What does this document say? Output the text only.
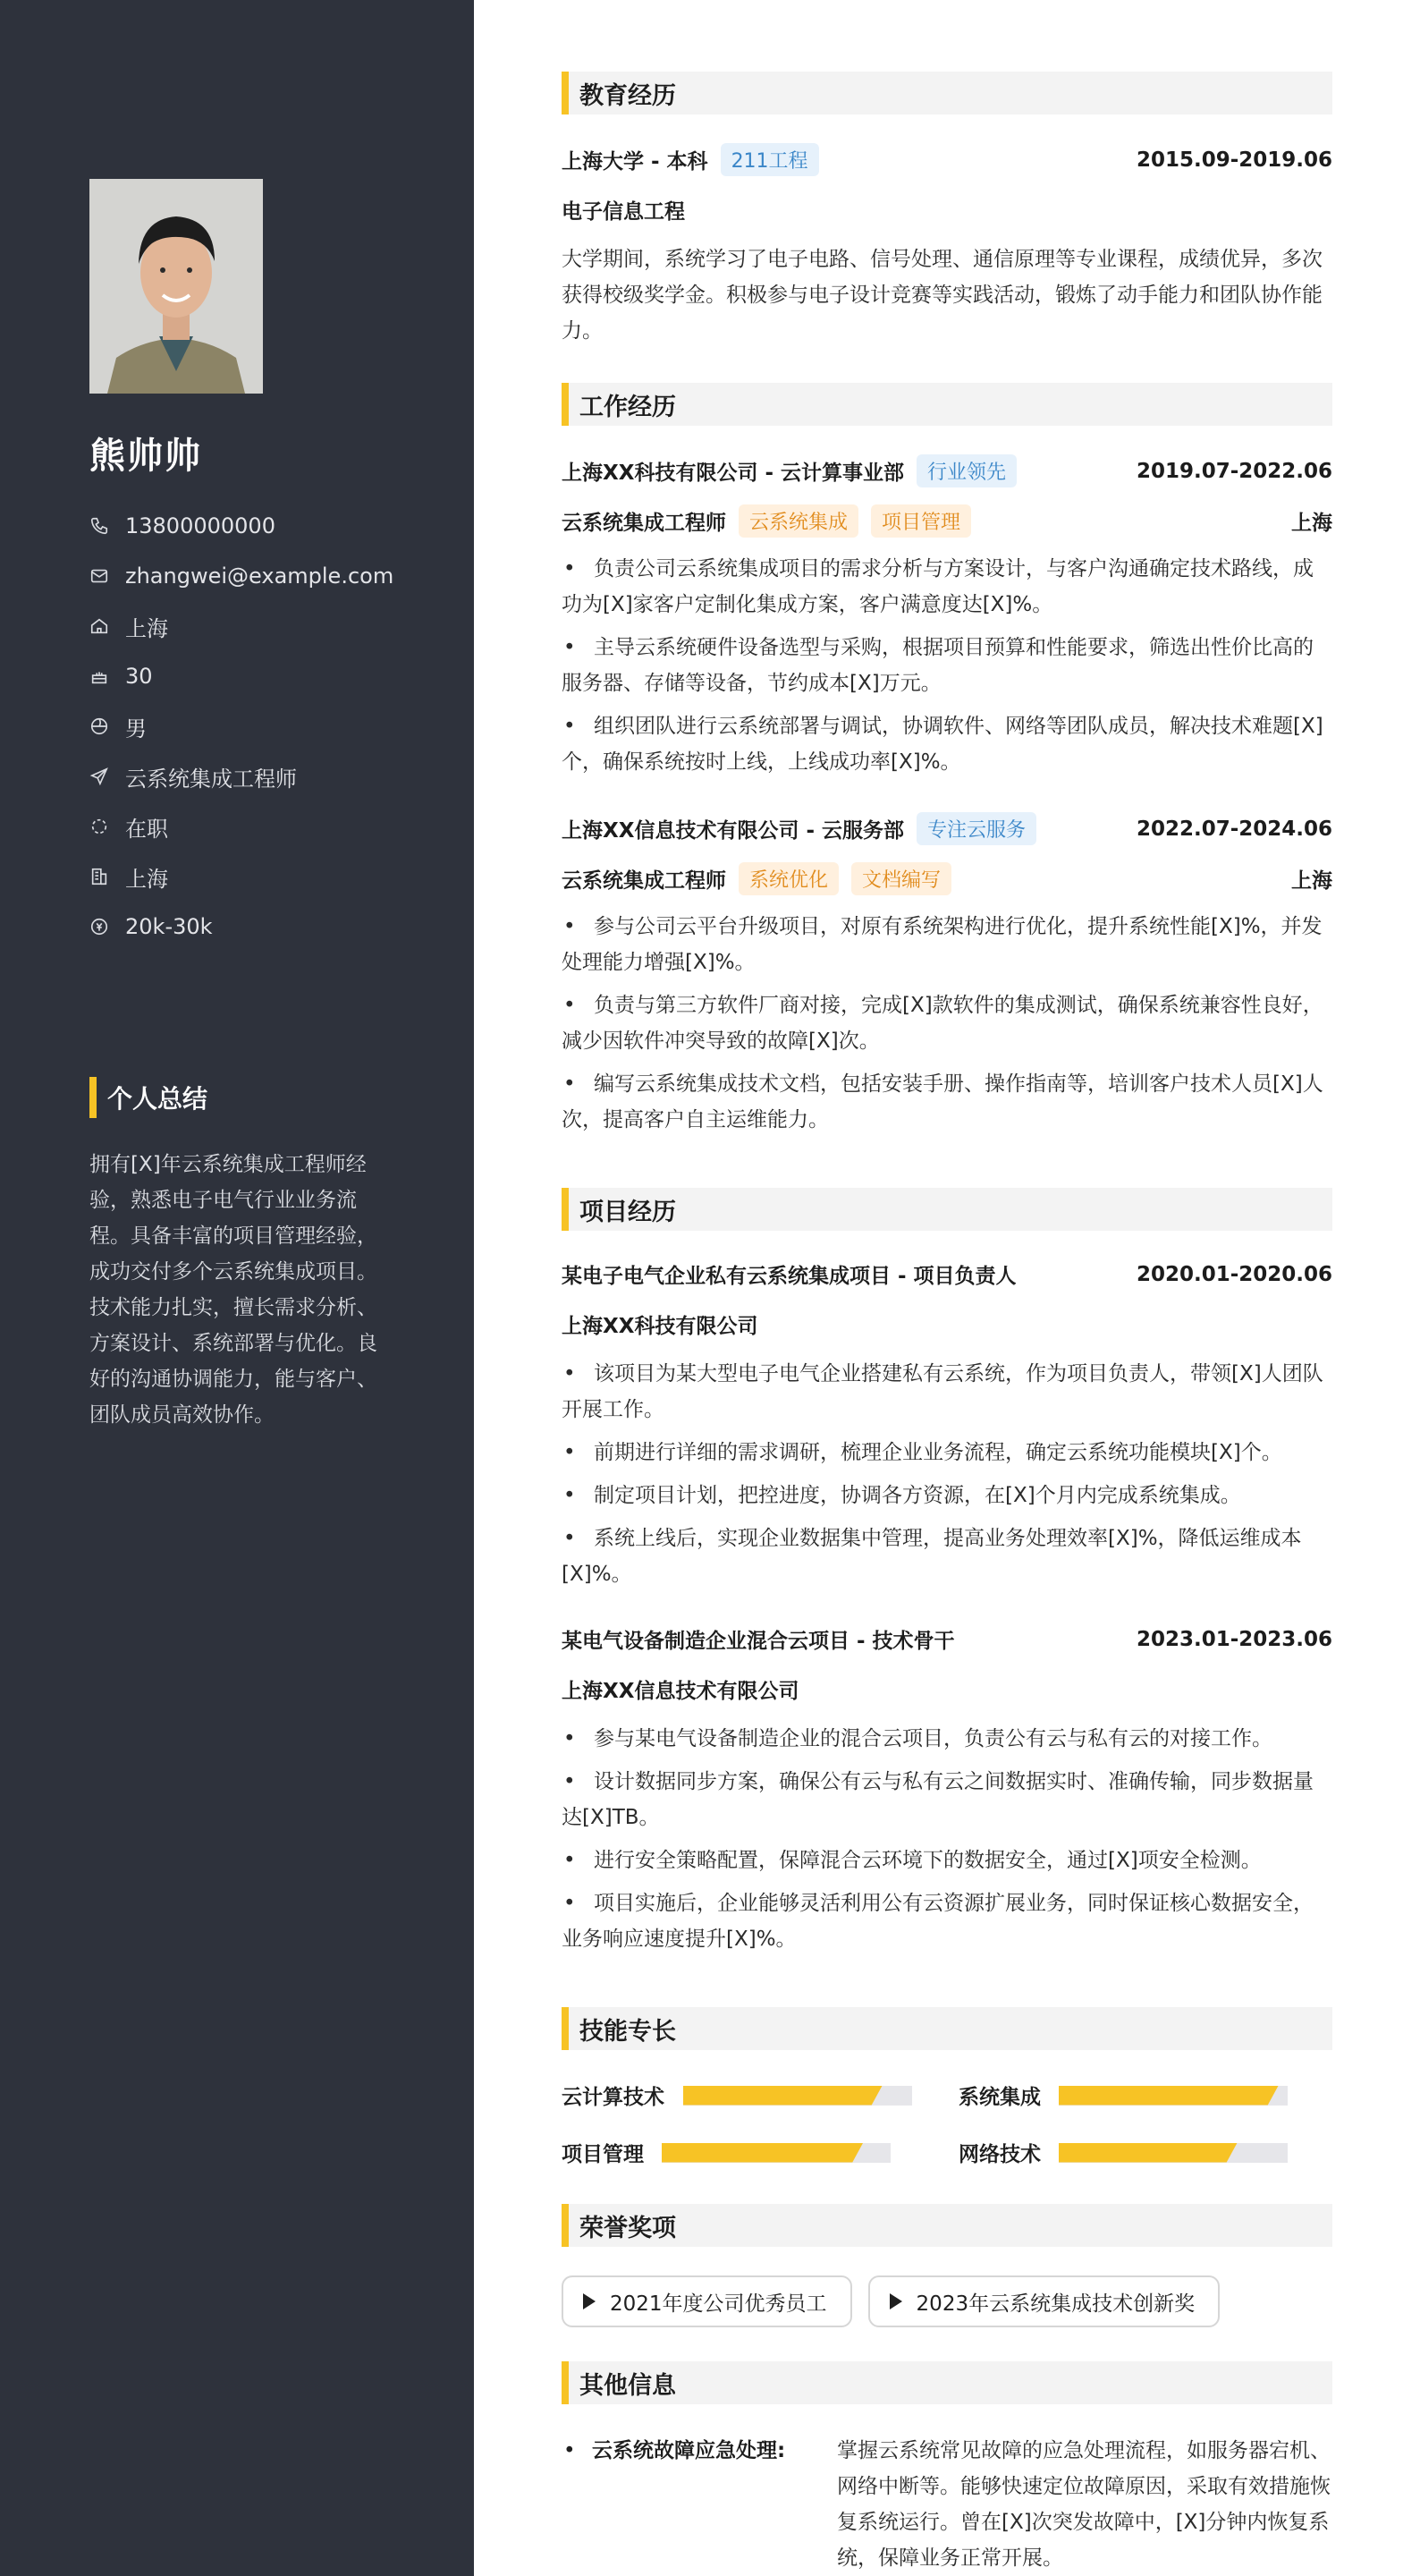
熊帅帅
13800000000
zhangwei@example.com
上海
30
男
云系统集成工程师
在职
上海
20k-30k
个人总结
拥有[X]年云系统集成工程师经验，熟悉电子电气行业业务流程。具备丰富的项目管理经验，成功交付多个云系统集成项目。技术能力扎实，擅长需求分析、方案设计、系统部署与优化。良好的沟通协调能力，能与客户、团队成员高效协作。
教育经历
上海大学 - 本科	211工程	2015.09-2019.06
电子信息工程
大学期间，系统学习了电子电路、信号处理、通信原理等专业课程，成绩优异，多次获得校级奖学金。积极参与电子设计竞赛等实践活动，锻炼了动手能力和团队协作能力。
工作经历
上海XX科技有限公司 - 云计算事业部	行业领先	2019.07-2022.06
云系统集成工程师	云系统集成	项目管理	上海
• 负责公司云系统集成项目的需求分析与方案设计，与客户沟通确定技术路线，成功为[X]家客户定制化集成方案，客户满意度达[X]%。
• 主导云系统硬件设备选型与采购，根据项目预算和性能要求，筛选出性价比高的服务器、存储等设备，节约成本[X]万元。
• 组织团队进行云系统部署与调试，协调软件、网络等团队成员，解决技术难题[X]个，确保系统按时上线，上线成功率[X]%。
上海XX信息技术有限公司 - 云服务部	专注云服务	2022.07-2024.06
云系统集成工程师	系统优化	文档编写	上海
• 参与公司云平台升级项目，对原有系统架构进行优化，提升系统性能[X]%，并发处理能力增强[X]%。
• 负责与第三方软件厂商对接，完成[X]款软件的集成测试，确保系统兼容性良好，减少因软件冲突导致的故障[X]次。
• 编写云系统集成技术文档，包括安装手册、操作指南等，培训客户技术人员[X]人次，提高客户自主运维能力。
项目经历
某电子电气企业私有云系统集成项目 - 项目负责人	2020.01-2020.06
上海XX科技有限公司
• 该项目为某大型电子电气企业搭建私有云系统，作为项目负责人，带领[X]人团队开展工作。
• 前期进行详细的需求调研，梳理企业业务流程，确定云系统功能模块[X]个。
• 制定项目计划，把控进度，协调各方资源，在[X]个月内完成系统集成。
• 系统上线后，实现企业数据集中管理，提高业务处理效率[X]%，降低运维成本[X]%。
某电气设备制造企业混合云项目 - 技术骨干	2023.01-2023.06
上海XX信息技术有限公司
• 参与某电气设备制造企业的混合云项目，负责公有云与私有云的对接工作。
• 设计数据同步方案，确保公有云与私有云之间数据实时、准确传输，同步数据量达[X]TB。
• 进行安全策略配置，保障混合云环境下的数据安全，通过[X]项安全检测。
• 项目实施后，企业能够灵活利用公有云资源扩展业务，同时保证核心数据安全，业务响应速度提升[X]%。
技能专长
云计算技术	系统集成
项目管理	网络技术
荣誉奖项
2021年度公司优秀员工	2023年云系统集成技术创新奖
其他信息
• 云系统故障应急处理:	掌握云系统常见故障的应急处理流程，如服务器宕机、网络中断等。能够快速定位故障原因，采取有效措施恢复系统运行。曾在[X]次突发故障中，[X]分钟内恢复系统，保障业务正常开展。
